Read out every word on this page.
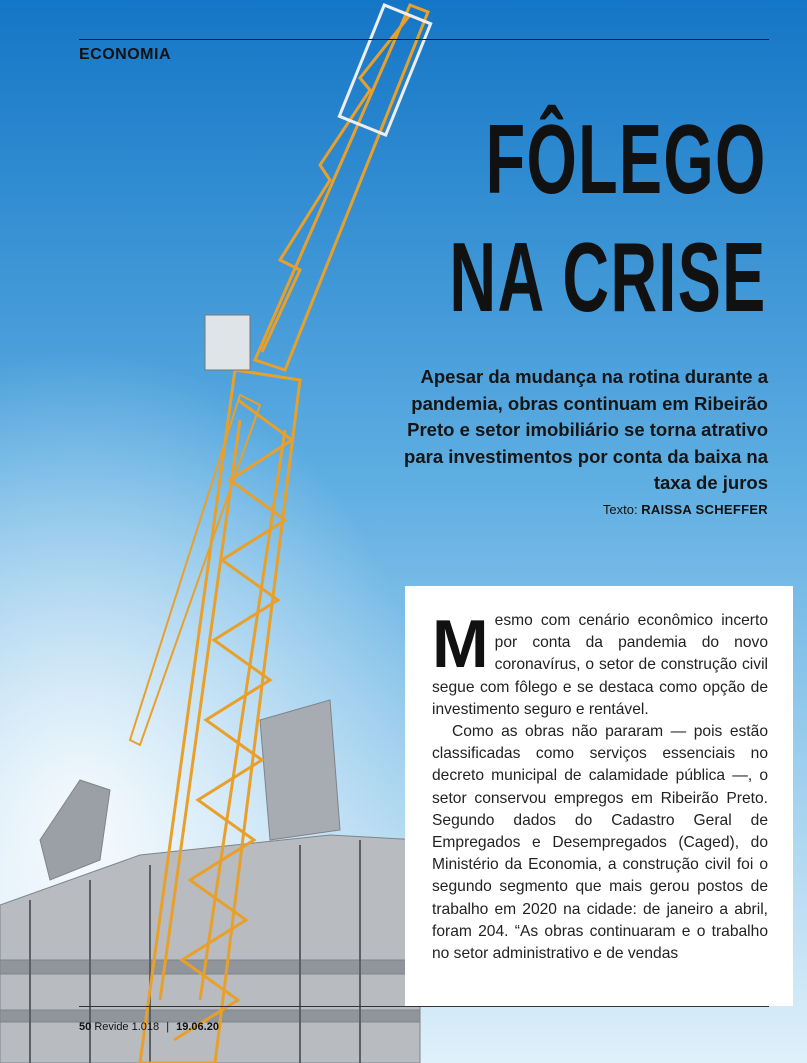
ECONOMIA
FÔLEGO
NA CRISE
Apesar da mudança na rotina durante a pandemia, obras continuam em Ribeirão Preto e setor imobiliário se torna atrativo para investimentos por conta da baixa na taxa de juros
Texto: RAISSA SCHEFFER

Mesmo com cenário econômico incerto por conta da pandemia do novo coronavírus, o setor de construção civil segue com fôlego e se destaca como opção de investimento seguro e rentável.

Como as obras não pararam — pois estão classificadas como serviços essenciais no decreto municipal de calamidade pública —, o setor conservou empregos em Ribeirão Preto. Segundo dados do Cadastro Geral de Empregados e Desempregados (Caged), do Ministério da Economia, a construção civil foi o segundo segmento que mais gerou postos de trabalho em 2020 na cidade: de janeiro a abril, foram 204. “As obras continuaram e o trabalho no setor administrativo e de vendas

50 Revide 1.018 | 19.06.20
